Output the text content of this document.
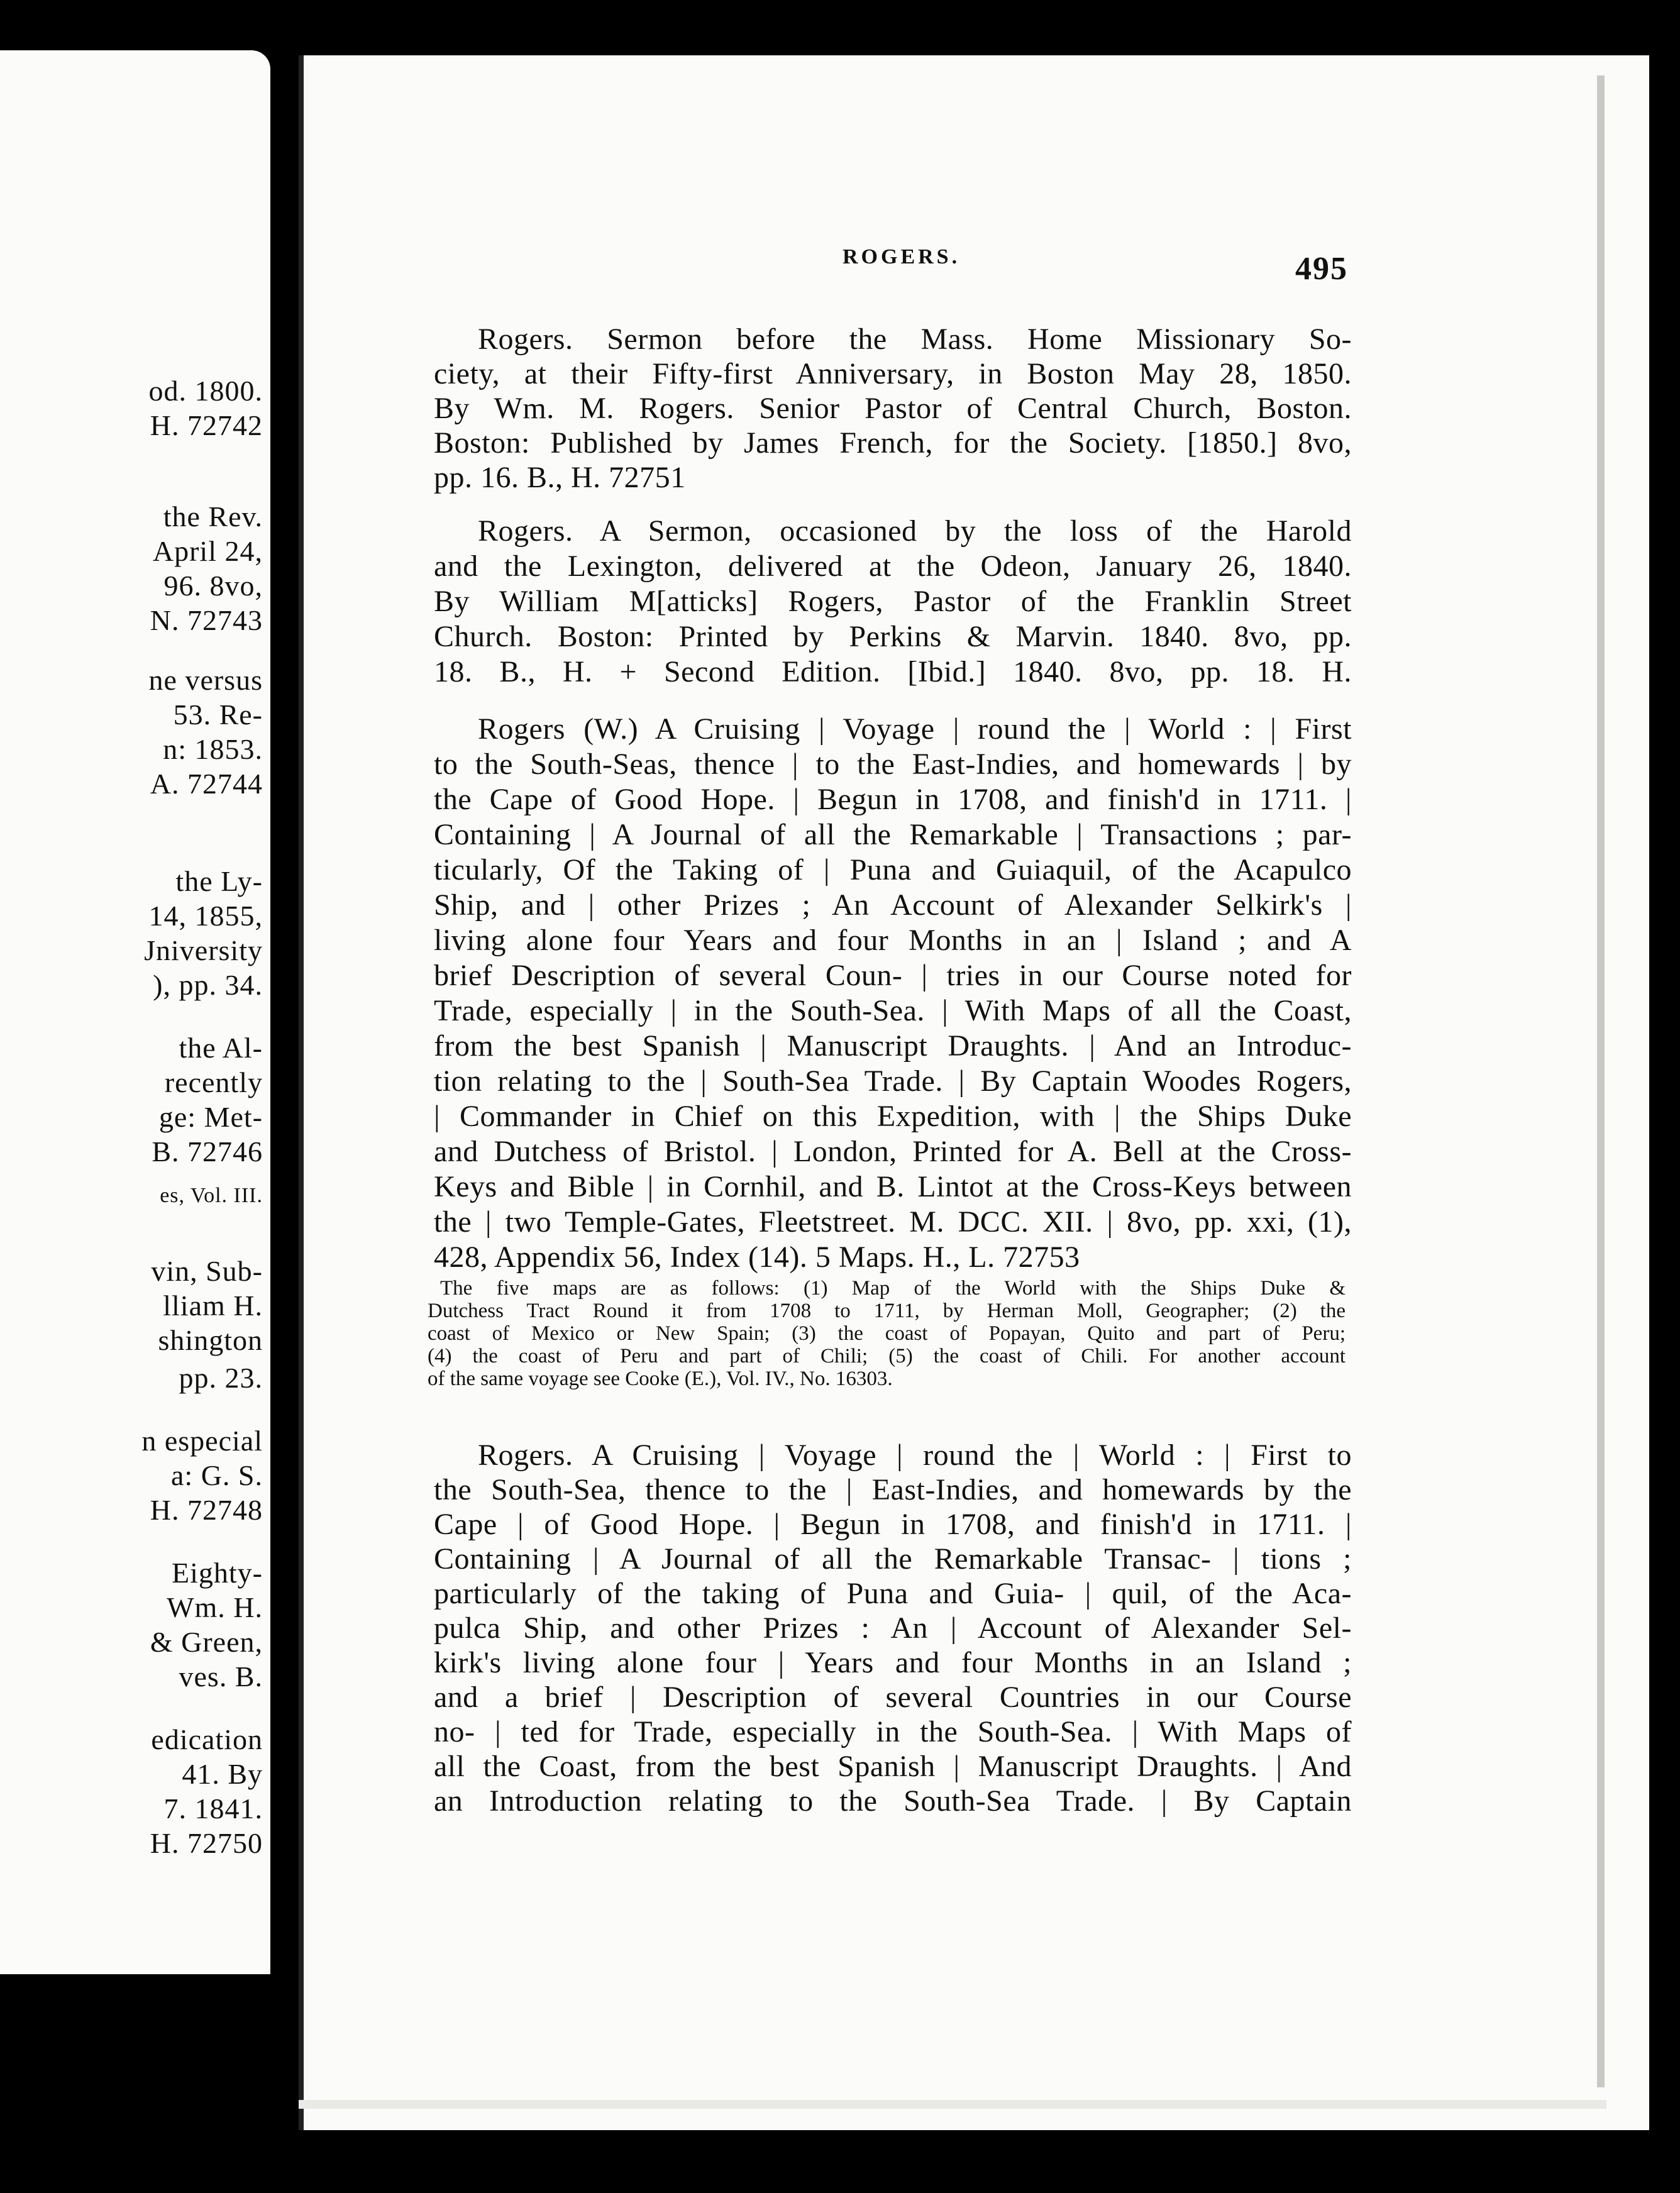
od. 1800.
H. 72742
the Rev.
April 24,
96. 8vo,
N. 72743
ne versus
53. Re-
n: 1853.
A. 72744
the Ly-
14, 1855,
Jniversity
), pp. 34.
the Al-
recently
ge: Met-
B. 72746
es, Vol. III.
vin, Sub-
lliam H.
shington
pp. 23.
n especial
a: G. S.
H. 72748
Eighty-
Wm. H.
& Green,
ves. B.
edication
41. By
7. 1841.
H. 72750
ROGERS.	495
Rogers. Sermon before the Mass. Home Missionary So-
ciety, at their Fifty-first Anniversary, in Boston May 28, 1850.
By Wm. M. Rogers. Senior Pastor of Central Church, Boston.
Boston: Published by James French, for the Society. [1850.] 8vo,
pp. 16. B., H. 72751
Rogers. A Sermon, occasioned by the loss of the Harold
and the Lexington, delivered at the Odeon, January 26, 1840.
By William M[atticks] Rogers, Pastor of the Franklin Street
Church. Boston: Printed by Perkins & Marvin. 1840. 8vo, pp.
18. B., H. + Second Edition. [Ibid.] 1840. 8vo, pp. 18. H.
Rogers (W.) A Cruising | Voyage | round the | World : | First
to the South-Seas, thence | to the East-Indies, and homewards | by
the Cape of Good Hope. | Begun in 1708, and finish'd in 1711. |
Containing | A Journal of all the Remarkable | Transactions ; par-
ticularly, Of the Taking of | Puna and Guiaquil, of the Acapulco
Ship, and | other Prizes ; An Account of Alexander Selkirk's |
living alone four Years and four Months in an | Island ; and A
brief Description of several Coun- | tries in our Course noted for
Trade, especially | in the South-Sea. | With Maps of all the Coast,
from the best Spanish | Manuscript Draughts. | And an Introduc-
tion relating to the | South-Sea Trade. | By Captain Woodes Rogers,
| Commander in Chief on this Expedition, with | the Ships Duke
and Dutchess of Bristol. | London, Printed for A. Bell at the Cross-
Keys and Bible | in Cornhil, and B. Lintot at the Cross-Keys between
the | two Temple-Gates, Fleetstreet. M. DCC. XII. | 8vo, pp. xxi, (1),
428, Appendix 56, Index (14). 5 Maps. H., L. 72753
The five maps are as follows: (1) Map of the World with the Ships Duke &
Dutchess Tract Round it from 1708 to 1711, by Herman Moll, Geographer; (2) the
coast of Mexico or New Spain; (3) the coast of Popayan, Quito and part of Peru;
(4) the coast of Peru and part of Chili; (5) the coast of Chili. For another account
of the same voyage see Cooke (E.), Vol. IV., No. 16303.
Rogers. A Cruising | Voyage | round the | World : | First to
the South-Sea, thence to the | East-Indies, and homewards by the
Cape | of Good Hope. | Begun in 1708, and finish'd in 1711. |
Containing | A Journal of all the Remarkable Transac- | tions ;
particularly of the taking of Puna and Guia- | quil, of the Aca-
pulca Ship, and other Prizes : An | Account of Alexander Sel-
kirk's living alone four | Years and four Months in an Island ;
and a brief | Description of several Countries in our Course
no- | ted for Trade, especially in the South-Sea. | With Maps of
all the Coast, from the best Spanish | Manuscript Draughts. | And
an Introduction relating to the South-Sea Trade. | By Captain
